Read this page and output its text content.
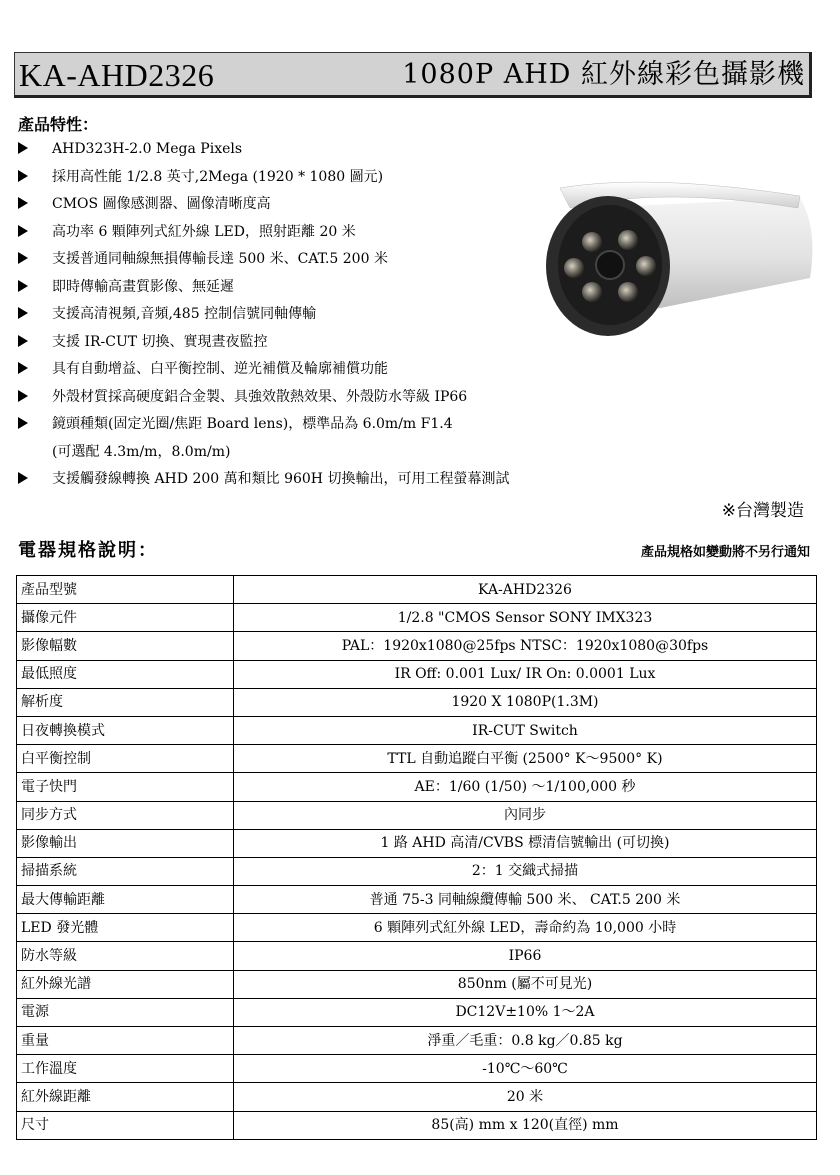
KA-AHD2326	1080P AHD 紅外線彩色攝影機
產品特性：
AHD323H-2.0 Mega Pixels
採用高性能 1/2.8 英寸,2Mega (1920 * 1080 圖元)
CMOS 圖像感測器、圖像清晰度高
高功率 6 顆陣列式紅外線 LED，照射距離 20 米
支援普通同軸線無損傳輸長達 500 米、CAT.5 200 米
即時傳輸高畫質影像、無延遲
支援高清視頻,音頻,485 控制信號同軸傳輸
支援 IR-CUT 切換、實現晝夜監控
具有自動增益、白平衡控制、逆光補償及輪廓補償功能
外殼材質採高硬度鋁合金製、具強效散熱效果、外殼防水等級 IP66
鏡頭種類(固定光圈/焦距 Board lens)，標準品為 6.0m/m F1.4
(可選配 4.3m/m，8.0m/m)
支援觸發線轉換 AHD 200 萬和類比 960H 切換輸出，可用工程螢幕測試
※台灣製造
電器規格說明：	產品規格如變動將不另行通知
產品型號	KA-AHD2326
攝像元件	1/2.8 "CMOS Sensor SONY IMX323
影像幅數	PAL：1920x1080@25fps NTSC：1920x1080@30fps
最低照度	IR Off: 0.001 Lux/ IR On: 0.0001 Lux
解析度	1920 X 1080P(1.3M)
日夜轉換模式	IR-CUT Switch
白平衡控制	TTL 自動追蹤白平衡 (2500° K～9500° K)
電子快門	AE：1/60 (1/50) ～1/100,000 秒
同步方式	內同步
影像輸出	1 路 AHD 高清/CVBS 標清信號輸出 (可切換)
掃描系統	2：1 交織式掃描
最大傳輸距離	普通 75-3 同軸線纜傳輸 500 米、 CAT.5 200 米
LED 發光體	6 顆陣列式紅外線 LED，壽命約為 10,000 小時
防水等級	IP66
紅外線光譜	850nm (屬不可見光)
電源	DC12V±10% 1～2A
重量	淨重／毛重：0.8 kg／0.85 kg
工作溫度	-10℃～60℃
紅外線距離	20 米
尺寸	85(高) mm x 120(直徑) mm
